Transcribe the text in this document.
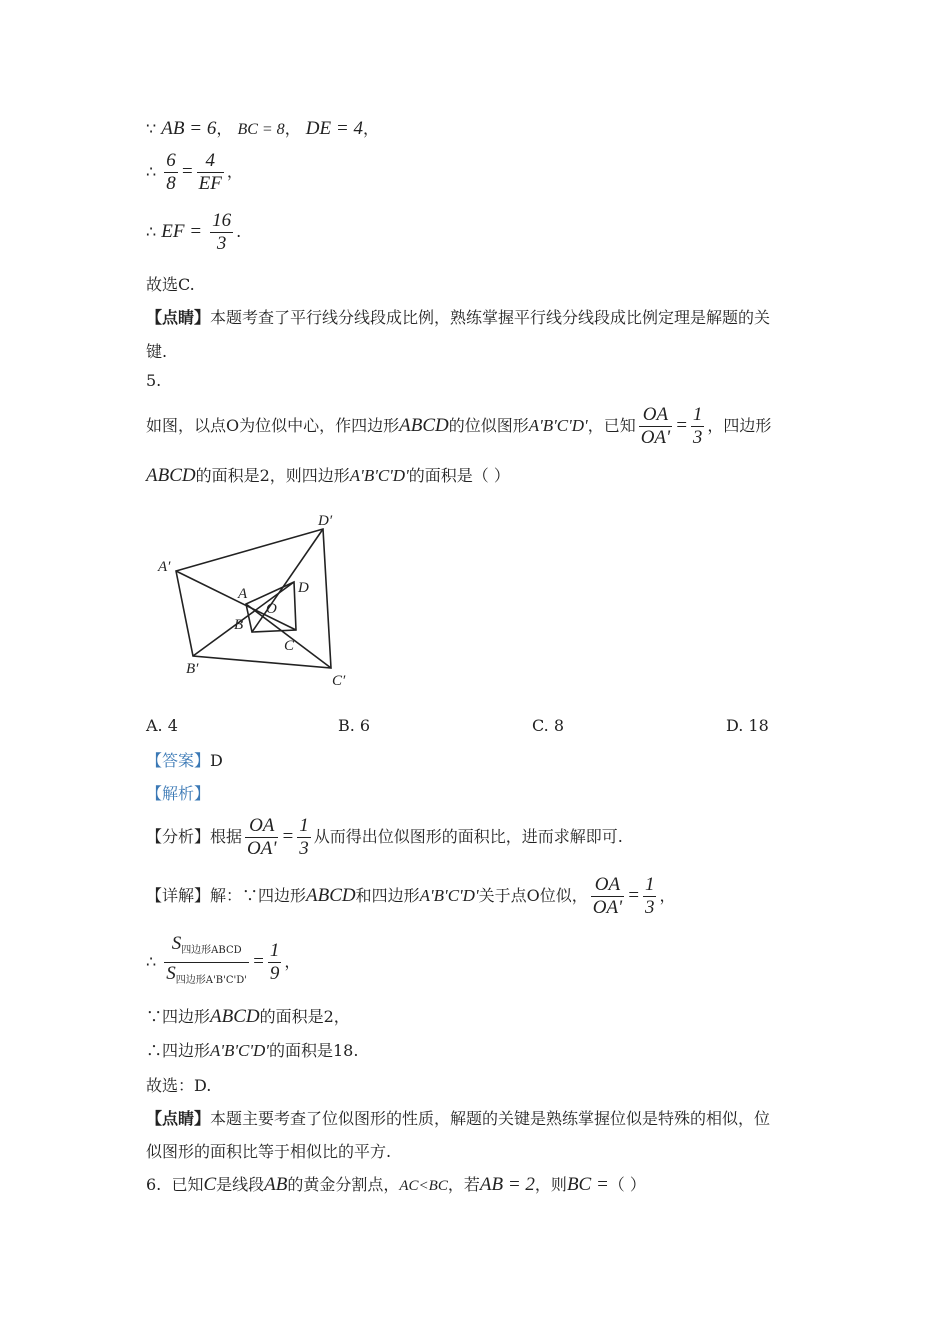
∵ AB = 6， BC = 8， DE = 4，
∴ $\frac{6}{8} = \frac{4}{EF}$ ，
∴ EF = $\frac{16}{3}$ .
故选C.
【点睛】本题考查了平行线分线段成比例，熟练掌握平行线分线段成比例定理是解题的关
键.
5.
如图，以点O为位似中心，作四边形ABCD的位似图形A'B'C'D'，已知 $\frac{OA}{OA'} = \frac{1}{3}$ ，四边形
ABCD的面积是2，则四边形A'B'C'D'的面积是（ ）
D′
A′
A	D
O
B
C
B′
C′
A. 4	B. 6	C. 8	D. 18
【答案】D
【解析】
【分析】根据 $\frac{OA}{OA'} = \frac{1}{3}$ 从而得出位似图形的面积比，进而求解即可.
【详解】解：∵四边形ABCD和四边形A'B'C'D'关于点O位似， $\frac{OA}{OA'} = \frac{1}{3}$ ，
∴ $\frac{S_{四边形ABCD}}{S_{四边形A'B'C'D'}} = \frac{1}{9}$ ，
∵四边形ABCD的面积是2，
∴四边形A'B'C'D'的面积是18.
故选：D.
【点睛】本题主要考查了位似图形的性质，解题的关键是熟练掌握位似是特殊的相似，位
似图形的面积比等于相似比的平方.
6. 已知C是线段AB的黄金分割点，AC<BC，若AB = 2，则BC =（ ）
